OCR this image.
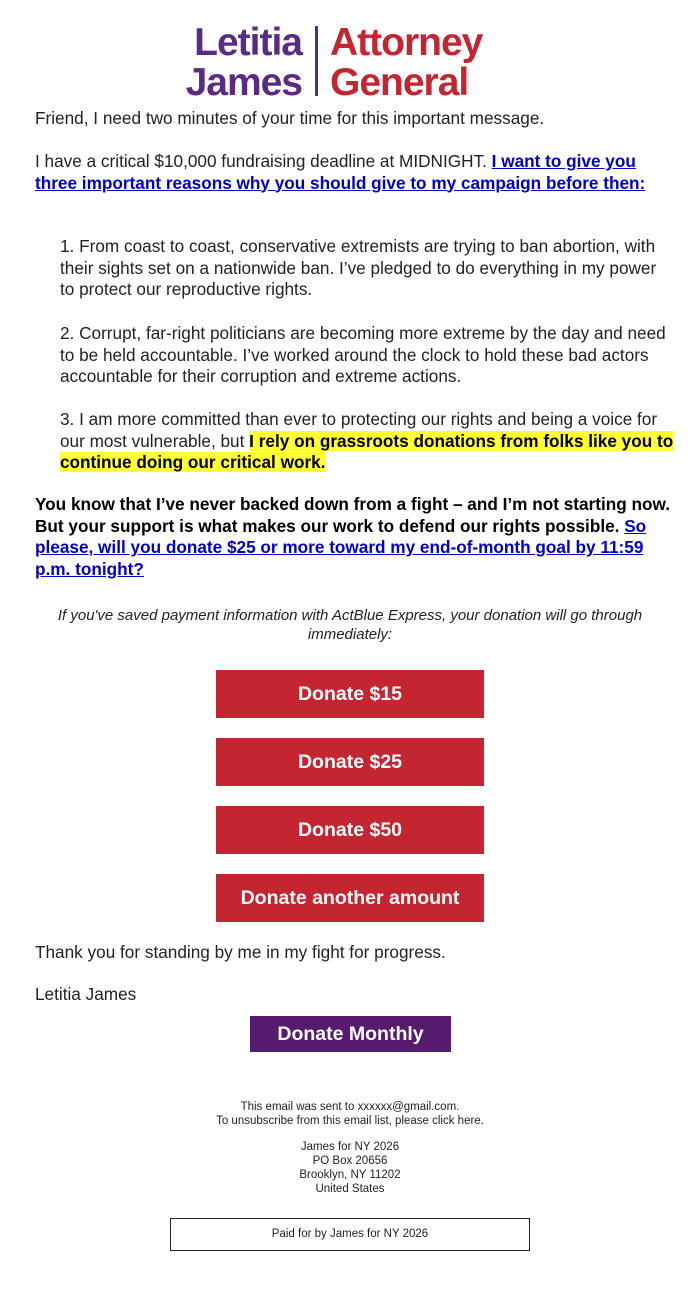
Letitia
James
Attorney
General

Friend, I need two minutes of your time for this important message.

I have a critical $10,000 fundraising deadline at MIDNIGHT. I want to give you three important reasons why you should give to my campaign before then:

1. From coast to coast, conservative extremists are trying to ban abortion, with their sights set on a nationwide ban. I’ve pledged to do everything in my power to protect our reproductive rights.

2. Corrupt, far-right politicians are becoming more extreme by the day and need to be held accountable. I’ve worked around the clock to hold these bad actors accountable for their corruption and extreme actions.

3. I am more committed than ever to protecting our rights and being a voice for our most vulnerable, but I rely on grassroots donations from folks like you to continue doing our critical work.

You know that I’ve never backed down from a fight – and I’m not starting now. But your support is what makes our work to defend our rights possible. So please, will you donate $25 or more toward my end-of-month goal by 11:59 p.m. tonight?

If you've saved payment information with ActBlue Express, your donation will go through immediately:

Donate $15
Donate $25
Donate $50
Donate another amount

Thank you for standing by me in my fight for progress.

Letitia James

Donate Monthly

This email was sent to xxxxxx@gmail.com.

To unsubscribe from this email list, please click here.

James for NY 2026

PO Box 20656

Brooklyn, NY 11202

United States

Paid for by James for NY 2026
